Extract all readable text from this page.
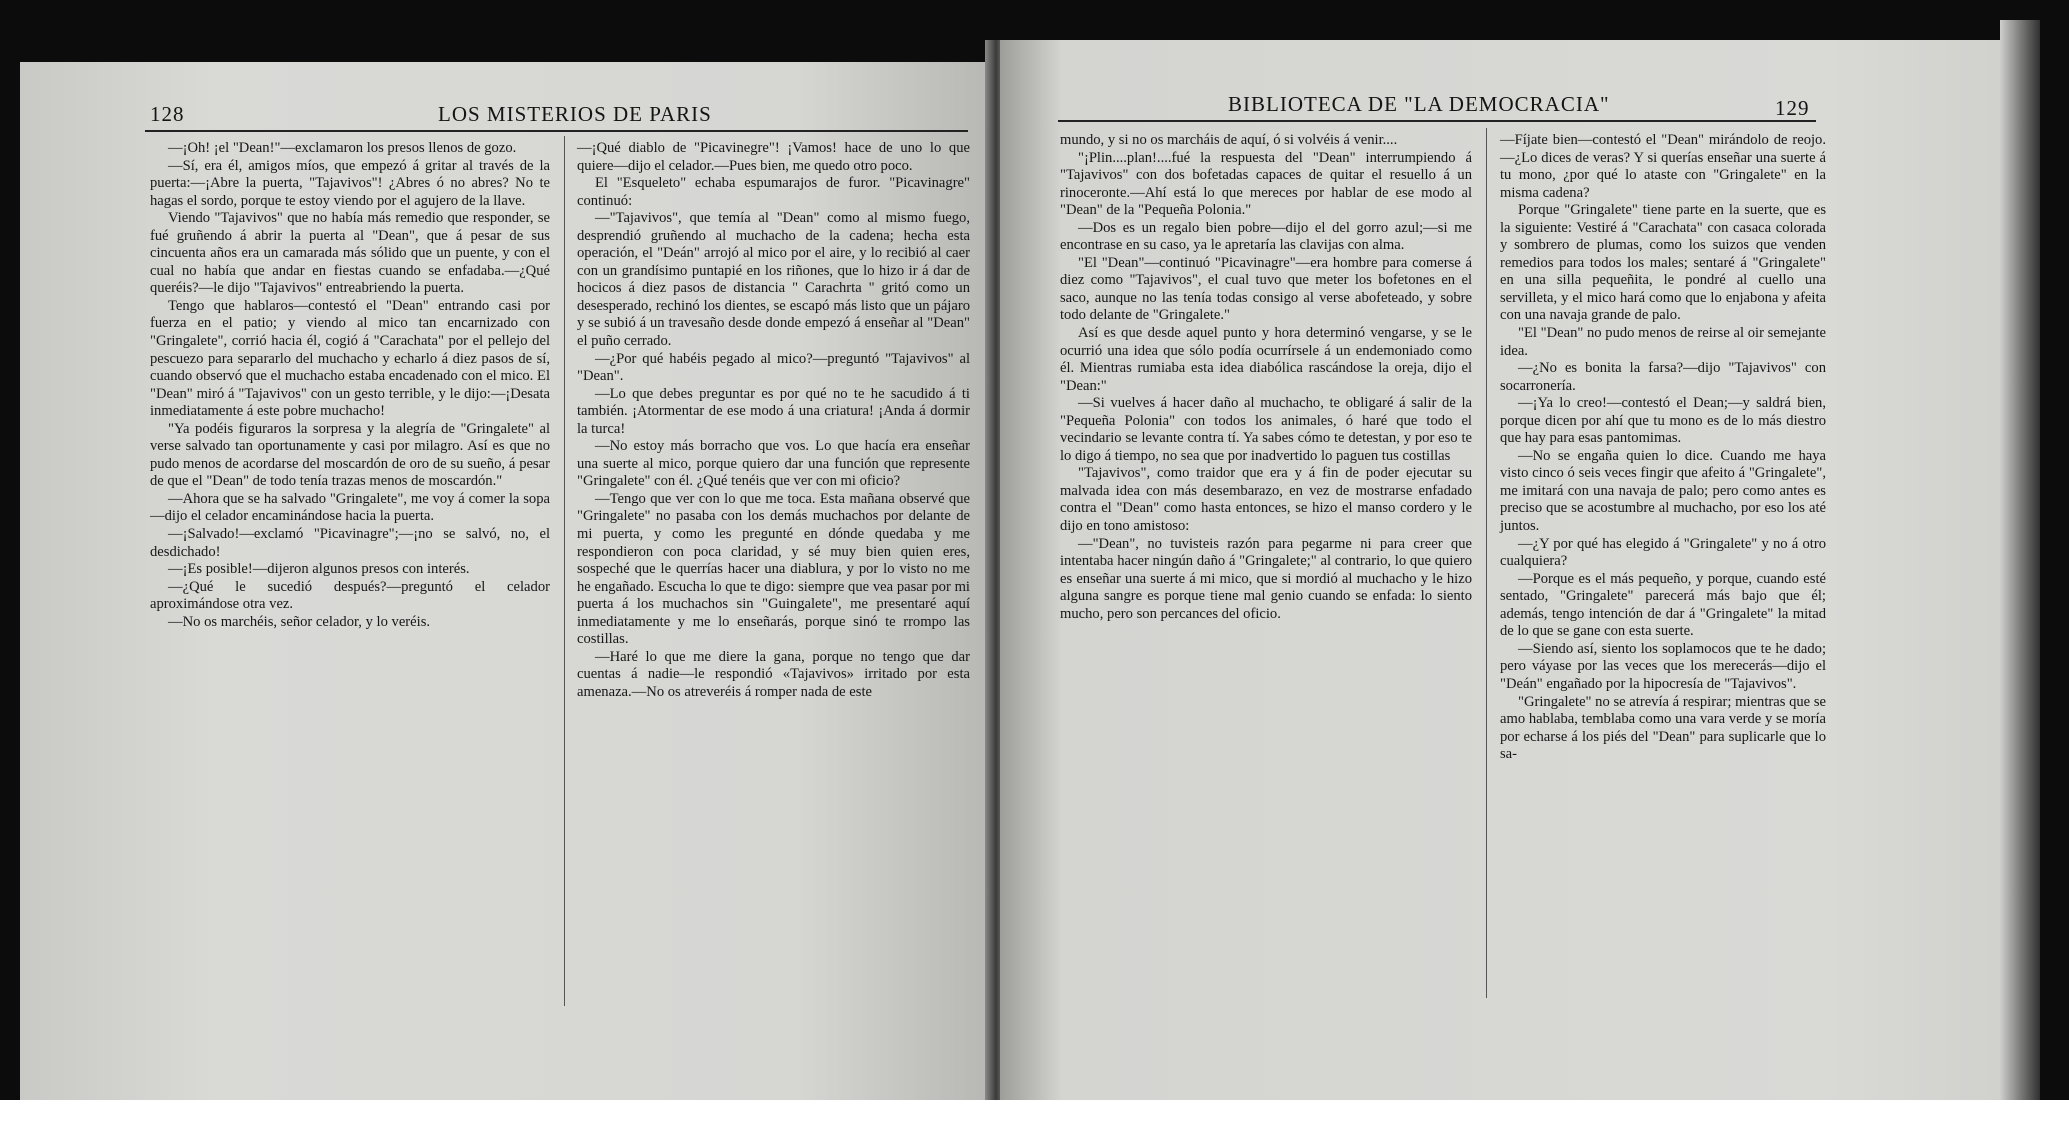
128	LOS MISTERIOS DE PARIS

—¡Oh! ¡el "Dean!"—exclamaron los presos llenos de gozo.

—Sí, era él, amigos míos, que empezó á gritar al través de la puerta:—¡Abre la puerta, "Tajavivos"! ¿Abres ó no abres? No te hagas el sordo, porque te estoy viendo por el agujero de la llave.

Viendo "Tajavivos" que no había más remedio que responder, se fué gruñendo á abrir la puerta al "Dean", que á pesar de sus cincuenta años era un camarada más sólido que un puente, y con el cual no había que andar en fiestas cuando se enfadaba.—¿Qué queréis?—le dijo "Tajavivos" entreabriendo la puerta.

Tengo que hablaros—contestó el "Dean" entrando casi por fuerza en el patio; y viendo al mico tan encarnizado con "Gringalete", corrió hacia él, cogió á "Carachata" por el pellejo del pescuezo para separarlo del muchacho y echarlo á diez pasos de sí, cuando observó que el muchacho estaba encadenado con el mico. El "Dean" miró á "Tajavivos" con un gesto terrible, y le dijo:—¡Desata inmediatamente á este pobre muchacho!

"Ya podéis figuraros la sorpresa y la alegría de "Gringalete" al verse salvado tan oportunamente y casi por milagro. Así es que no pudo menos de acordarse del moscardón de oro de su sueño, á pesar de que el "Dean" de todo tenía trazas menos de moscardón."

—Ahora que se ha salvado "Gringalete", me voy á comer la sopa—dijo el celador encaminándose hacia la puerta.

—¡Salvado!—exclamó "Picavinagre";—¡no se salvó, no, el desdichado!

—¡Es posible!—dijeron algunos presos con interés.

—¿Qué le sucedió después?—preguntó el celador aproximándose otra vez.

—No os marchéis, señor celador, y lo veréis.

—¡Qué diablo de "Picavinegre"! ¡Vamos! hace de uno lo que quiere—dijo el celador.—Pues bien, me quedo otro poco.

El "Esqueleto" echaba espumarajos de furor. "Picavinagre" continuó:

—"Tajavivos", que temía al "Dean" como al mismo fuego, desprendió gruñendo al muchacho de la cadena; hecha esta operación, el "Deán" arrojó al mico por el aire, y lo recibió al caer con un grandísimo puntapié en los riñones, que lo hizo ir á dar de hocicos á diez pasos de distancia " Carachrta " gritó como un desesperado, rechinó los dientes, se escapó más listo que un pájaro y se subió á un travesaño desde donde empezó á enseñar al "Dean" el puño cerrado.

—¿Por qué habéis pegado al mico?—preguntó "Tajavivos" al "Dean".

—Lo que debes preguntar es por qué no te he sacudido á ti también. ¡Atormentar de ese modo á una criatura! ¡Anda á dormir la turca!

—No estoy más borracho que vos. Lo que hacía era enseñar una suerte al mico, porque quiero dar una función que represente "Gringalete" con él. ¿Qué tenéis que ver con mi oficio?

—Tengo que ver con lo que me toca. Esta mañana observé que "Gringalete" no pasaba con los demás muchachos por delante de mi puerta, y como les pregunté en dónde quedaba y me respondieron con poca claridad, y sé muy bien quien eres, sospeché que le querrías hacer una diablura, y por lo visto no me he engañado. Escucha lo que te digo: siempre que vea pasar por mi puerta á los muchachos sin "Guingalete", me presentaré aquí inmediatamente y me lo enseñarás, porque sinó te rrompo las costillas.

—Haré lo que me diere la gana, porque no tengo que dar cuentas á nadie—le respondió «Tajavivos» irritado por esta amenaza.—No os atreveréis á romper nada de este

BIBLIOTECA DE "LA DEMOCRACIA"	129

mundo, y si no os marcháis de aquí, ó si volvéis á venir....

"¡Plin....plan!....fué la respuesta del "Dean" interrumpiendo á "Tajavivos" con dos bofetadas capaces de quitar el resuello á un rinoceronte.—Ahí está lo que mereces por hablar de ese modo al "Dean" de la "Pequeña Polonia."

—Dos es un regalo bien pobre—dijo el del gorro azul;—si me encontrase en su caso, ya le apretaría las clavijas con alma.

"El "Dean"—continuó "Picavinagre"—era hombre para comerse á diez como "Tajavivos", el cual tuvo que meter los bofetones en el saco, aunque no las tenía todas consigo al verse abofeteado, y sobre todo delante de "Gringalete."

Así es que desde aquel punto y hora determinó vengarse, y se le ocurrió una idea que sólo podía ocurrírsele á un endemoniado como él. Mientras rumiaba esta idea diabólica rascándose la oreja, dijo el "Dean:"

—Si vuelves á hacer daño al muchacho, te obligaré á salir de la "Pequeña Polonia" con todos los animales, ó haré que todo el vecindario se levante contra tí. Ya sabes cómo te detestan, y por eso te lo digo á tiempo, no sea que por inadvertido lo paguen tus costillas

"Tajavivos", como traidor que era y á fin de poder ejecutar su malvada idea con más desembarazo, en vez de mostrarse enfadado contra el "Dean" como hasta entonces, se hizo el manso cordero y le dijo en tono amistoso:

—"Dean", no tuvisteis razón para pegarme ni para creer que intentaba hacer ningún daño á "Gringalete;" al contrario, lo que quiero es enseñar una suerte á mi mico, que si mordió al muchacho y le hizo alguna sangre es porque tiene mal genio cuando se enfada: lo siento mucho, pero son percances del oficio.

—Fíjate bien—contestó el "Dean" mirándolo de reojo.—¿Lo dices de veras? Y si querías enseñar una suerte á tu mono, ¿por qué lo ataste con "Gringalete" en la misma cadena?

Porque "Gringalete" tiene parte en la suerte, que es la siguiente: Vestiré á "Carachata" con casaca colorada y sombrero de plumas, como los suizos que venden remedios para todos los males; sentaré á "Gringalete" en una silla pequeñita, le pondré al cuello una servilleta, y el mico hará como que lo enjabona y afeita con una navaja grande de palo.

"El "Dean" no pudo menos de reirse al oir semejante idea.

—¿No es bonita la farsa?—dijo "Tajavivos" con socarronería.

—¡Ya lo creo!—contestó el Dean;—y saldrá bien, porque dicen por ahí que tu mono es de lo más diestro que hay para esas pantomimas.

—No se engaña quien lo dice. Cuando me haya visto cinco ó seis veces fingir que afeito á "Gringalete", me imitará con una navaja de palo; pero como antes es preciso que se acostumbre al muchacho, por eso los até juntos.

—¿Y por qué has elegido á "Gringalete" y no á otro cualquiera?

—Porque es el más pequeño, y porque, cuando esté sentado, "Gringalete" parecerá más bajo que él; además, tengo intención de dar á "Gringalete" la mitad de lo que se gane con esta suerte.

—Siendo así, siento los soplamocos que te he dado; pero váyase por las veces que los merecerás—dijo el "Deán" engañado por la hipocresía de "Tajavivos".

"Gringalete" no se atrevía á respirar; mientras que se amo hablaba, temblaba como una vara verde y se moría por echarse á los piés del "Dean" para suplicarle que lo sa-
